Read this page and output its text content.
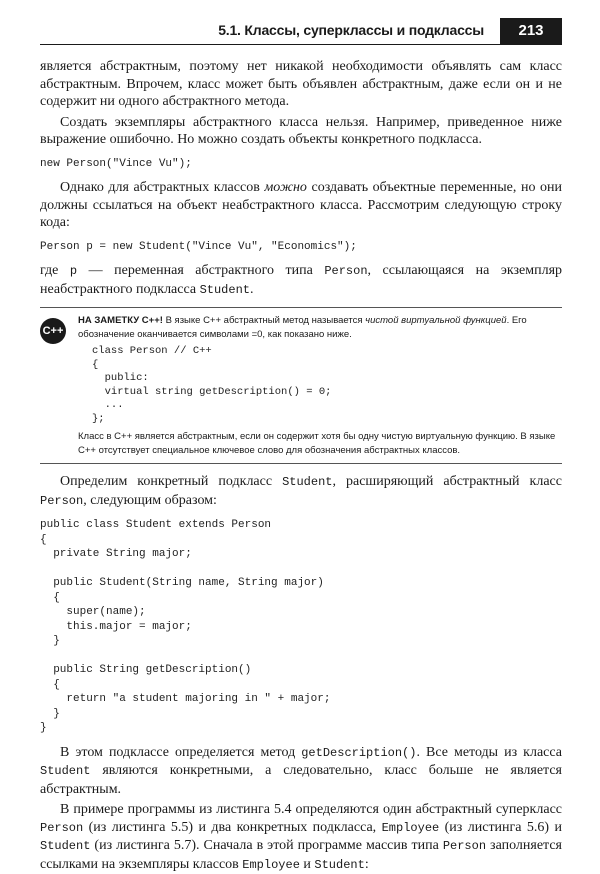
5.1. Классы, суперклассы и подклассы	213

является абстрактным, поэтому нет никакой необходимости объявлять сам класс абстрактным. Впрочем, класс может быть объявлен абстрактным, даже если он и не содержит ни одного абстрактного метода.

Создать экземпляры абстрактного класса нельзя. Например, приведенное ниже выражение ошибочно. Но можно создать объекты конкретного подкласса.

new Person("Vince Vu");

Однако для абстрактных классов можно создавать объектные переменные, но они должны ссылаться на объект неабстрактного класса. Рассмотрим следующую строку кода:

Person p = new Student("Vince Vu", "Economics");

где p — переменная абстрактного типа Person, ссылающаяся на экземпляр неабстрактного подкласса Student.

C++
НА ЗАМЕТКУ С++! В языке С++ абстрактный метод называется чистой виртуальной функцией. Его обозначение оканчивается символами =0, как показано ниже.
class Person // C++
{
public:
virtual string getDescription() = 0;
...
};
Класс в С++ является абстрактным, если он содержит хотя бы одну чистую виртуальную функцию. В языке С++ отсутствует специальное ключевое слово для обозначения абстрактных классов.

Определим конкретный подкласс Student, расширяющий абстрактный класс Person, следующим образом:

public class Student extends Person
{
private String major;

public Student(String name, String major)
{
super(name);
this.major = major;
}

public String getDescription()
{
return "a student majoring in " + major;
}
}

В этом подклассе определяется метод getDescription(). Все методы из класса Student являются конкретными, а следовательно, класс больше не является абстрактным.

В примере программы из листинга 5.4 определяются один абстрактный суперкласс Person (из листинга 5.5) и два конкретных подкласса, Employee (из листинга 5.6) и Student (из листинга 5.7). Сначала в этой программе массив типа Person заполняется ссылками на экземпляры классов Employee и Student:
